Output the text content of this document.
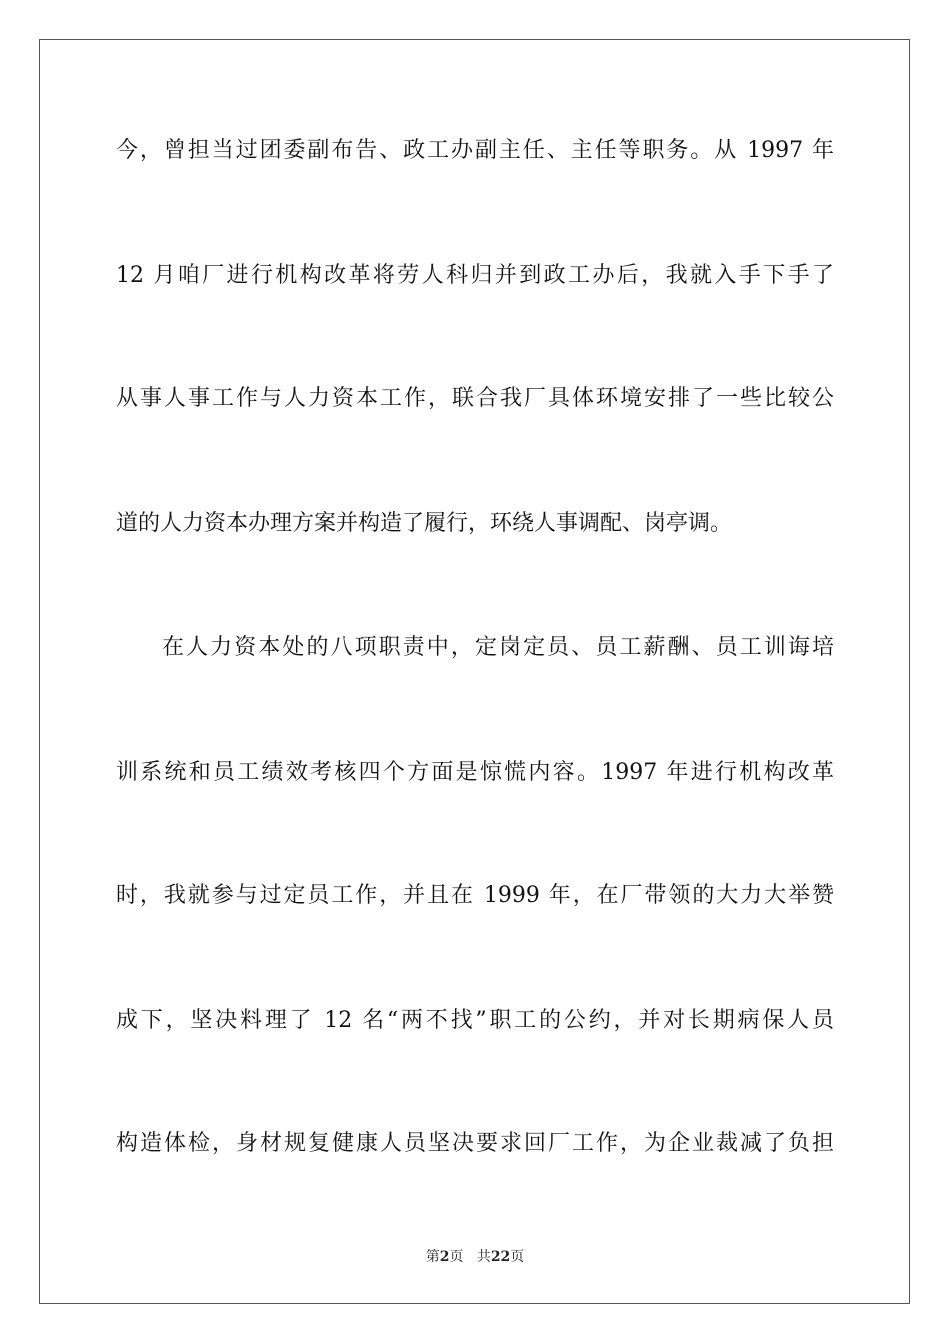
今，曾担当过团委副布告、政工办副主任、主任等职务。从 1997 年
12 月咱厂进行机构改革将劳人科归并到政工办后，我就入手下手了
从事人事工作与人力资本工作，联合我厂具体环境安排了一些比较公
道的人力资本办理方案并构造了履行，环绕人事调配、岗亭调。
在人力资本处的八项职责中，定岗定员、员工薪酬、员工训诲培
训系统和员工绩效考核四个方面是惊慌内容。1997 年进行机构改革
时，我就参与过定员工作，并且在 1999 年，在厂带领的大力大举赞
成下，坚决料理了 12 名“两不找”职工的公约，并对长期病保人员
构造体检，身材规复健康人员坚决要求回厂工作，为企业裁减了负担
第2页 共22页
